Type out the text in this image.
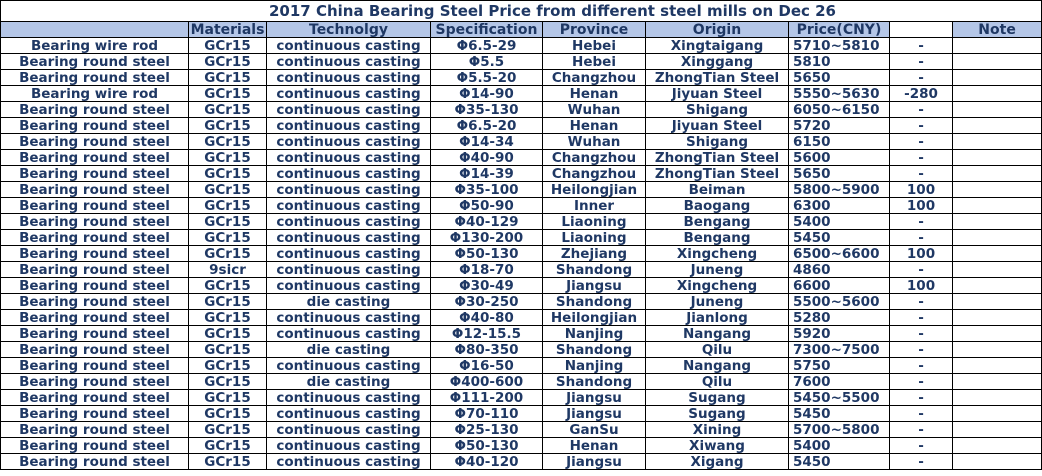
2017 China Bearing Steel Price from different steel mills on Dec 26								
	Materials	Technolgy	Specification	Province	Origin	Price(CNY)		Note
Bearing wire rod	GCr15	continuous casting	Φ6.5-29	Hebei	Xingtaigang	5710~5810	-	
Bearing round steel	GCr15	continuous casting	Φ5.5	Hebei	Xinggang	5810	-	
Bearing round steel	GCr15	continuous casting	Φ5.5-20	Changzhou	ZhongTian Steel	5650	-	
Bearing wire rod	GCr15	continuous casting	Φ14-90	Henan	Jiyuan Steel	5550~5630	-280	
Bearing round steel	GCr15	continuous casting	Φ35-130	Wuhan	Shigang	6050~6150	-	
Bearing round steel	GCr15	continuous casting	Φ6.5-20	Henan	Jiyuan Steel	5720	-	
Bearing round steel	GCr15	continuous casting	Φ14-34	Wuhan	Shigang	6150	-	
Bearing round steel	GCr15	continuous casting	Φ40-90	Changzhou	ZhongTian Steel	5600	-	
Bearing round steel	GCr15	continuous casting	Φ14-39	Changzhou	ZhongTian Steel	5650	-	
Bearing round steel	GCr15	continuous casting	Φ35-100	Heilongjian	Beiman	5800~5900	100	
Bearing round steel	GCr15	continuous casting	Φ50-90	Inner	Baogang	6300	100	
Bearing round steel	GCr15	continuous casting	Φ40-129	Liaoning	Bengang	5400	-	
Bearing round steel	GCr15	continuous casting	Φ130-200	Liaoning	Bengang	5450	-	
Bearing round steel	GCr15	continuous casting	Φ50-130	Zhejiang	Xingcheng	6500~6600	100	
Bearing round steel	9sicr	continuous casting	Φ18-70	Shandong	Juneng	4860	-	
Bearing round steel	GCr15	continuous casting	Φ30-49	Jiangsu	Xingcheng	6600	100	
Bearing round steel	GCr15	die casting	Φ30-250	Shandong	Juneng	5500~5600	-	
Bearing round steel	GCr15	continuous casting	Φ40-80	Heilongjian	Jianlong	5280	-	
Bearing round steel	GCr15	continuous casting	Φ12-15.5	Nanjing	Nangang	5920	-	
Bearing round steel	GCr15	die casting	Φ80-350	Shandong	Qilu	7300~7500	-	
Bearing round steel	GCr15	continuous casting	Φ16-50	Nanjing	Nangang	5750	-	
Bearing round steel	GCr15	die casting	Φ400-600	Shandong	Qilu	7600	-	
Bearing round steel	GCr15	continuous casting	Φ111-200	Jiangsu	Sugang	5450~5500	-	
Bearing round steel	GCr15	continuous casting	Φ70-110	Jiangsu	Sugang	5450	-	
Bearing round steel	GCr15	continuous casting	Φ25-130	GanSu	Xining	5700~5800	-	
Bearing round steel	GCr15	continuous casting	Φ50-130	Henan	Xiwang	5400	-	
Bearing round steel	GCr15	continuous casting	Φ40-120	Jiangsu	Xigang	5450	-	
